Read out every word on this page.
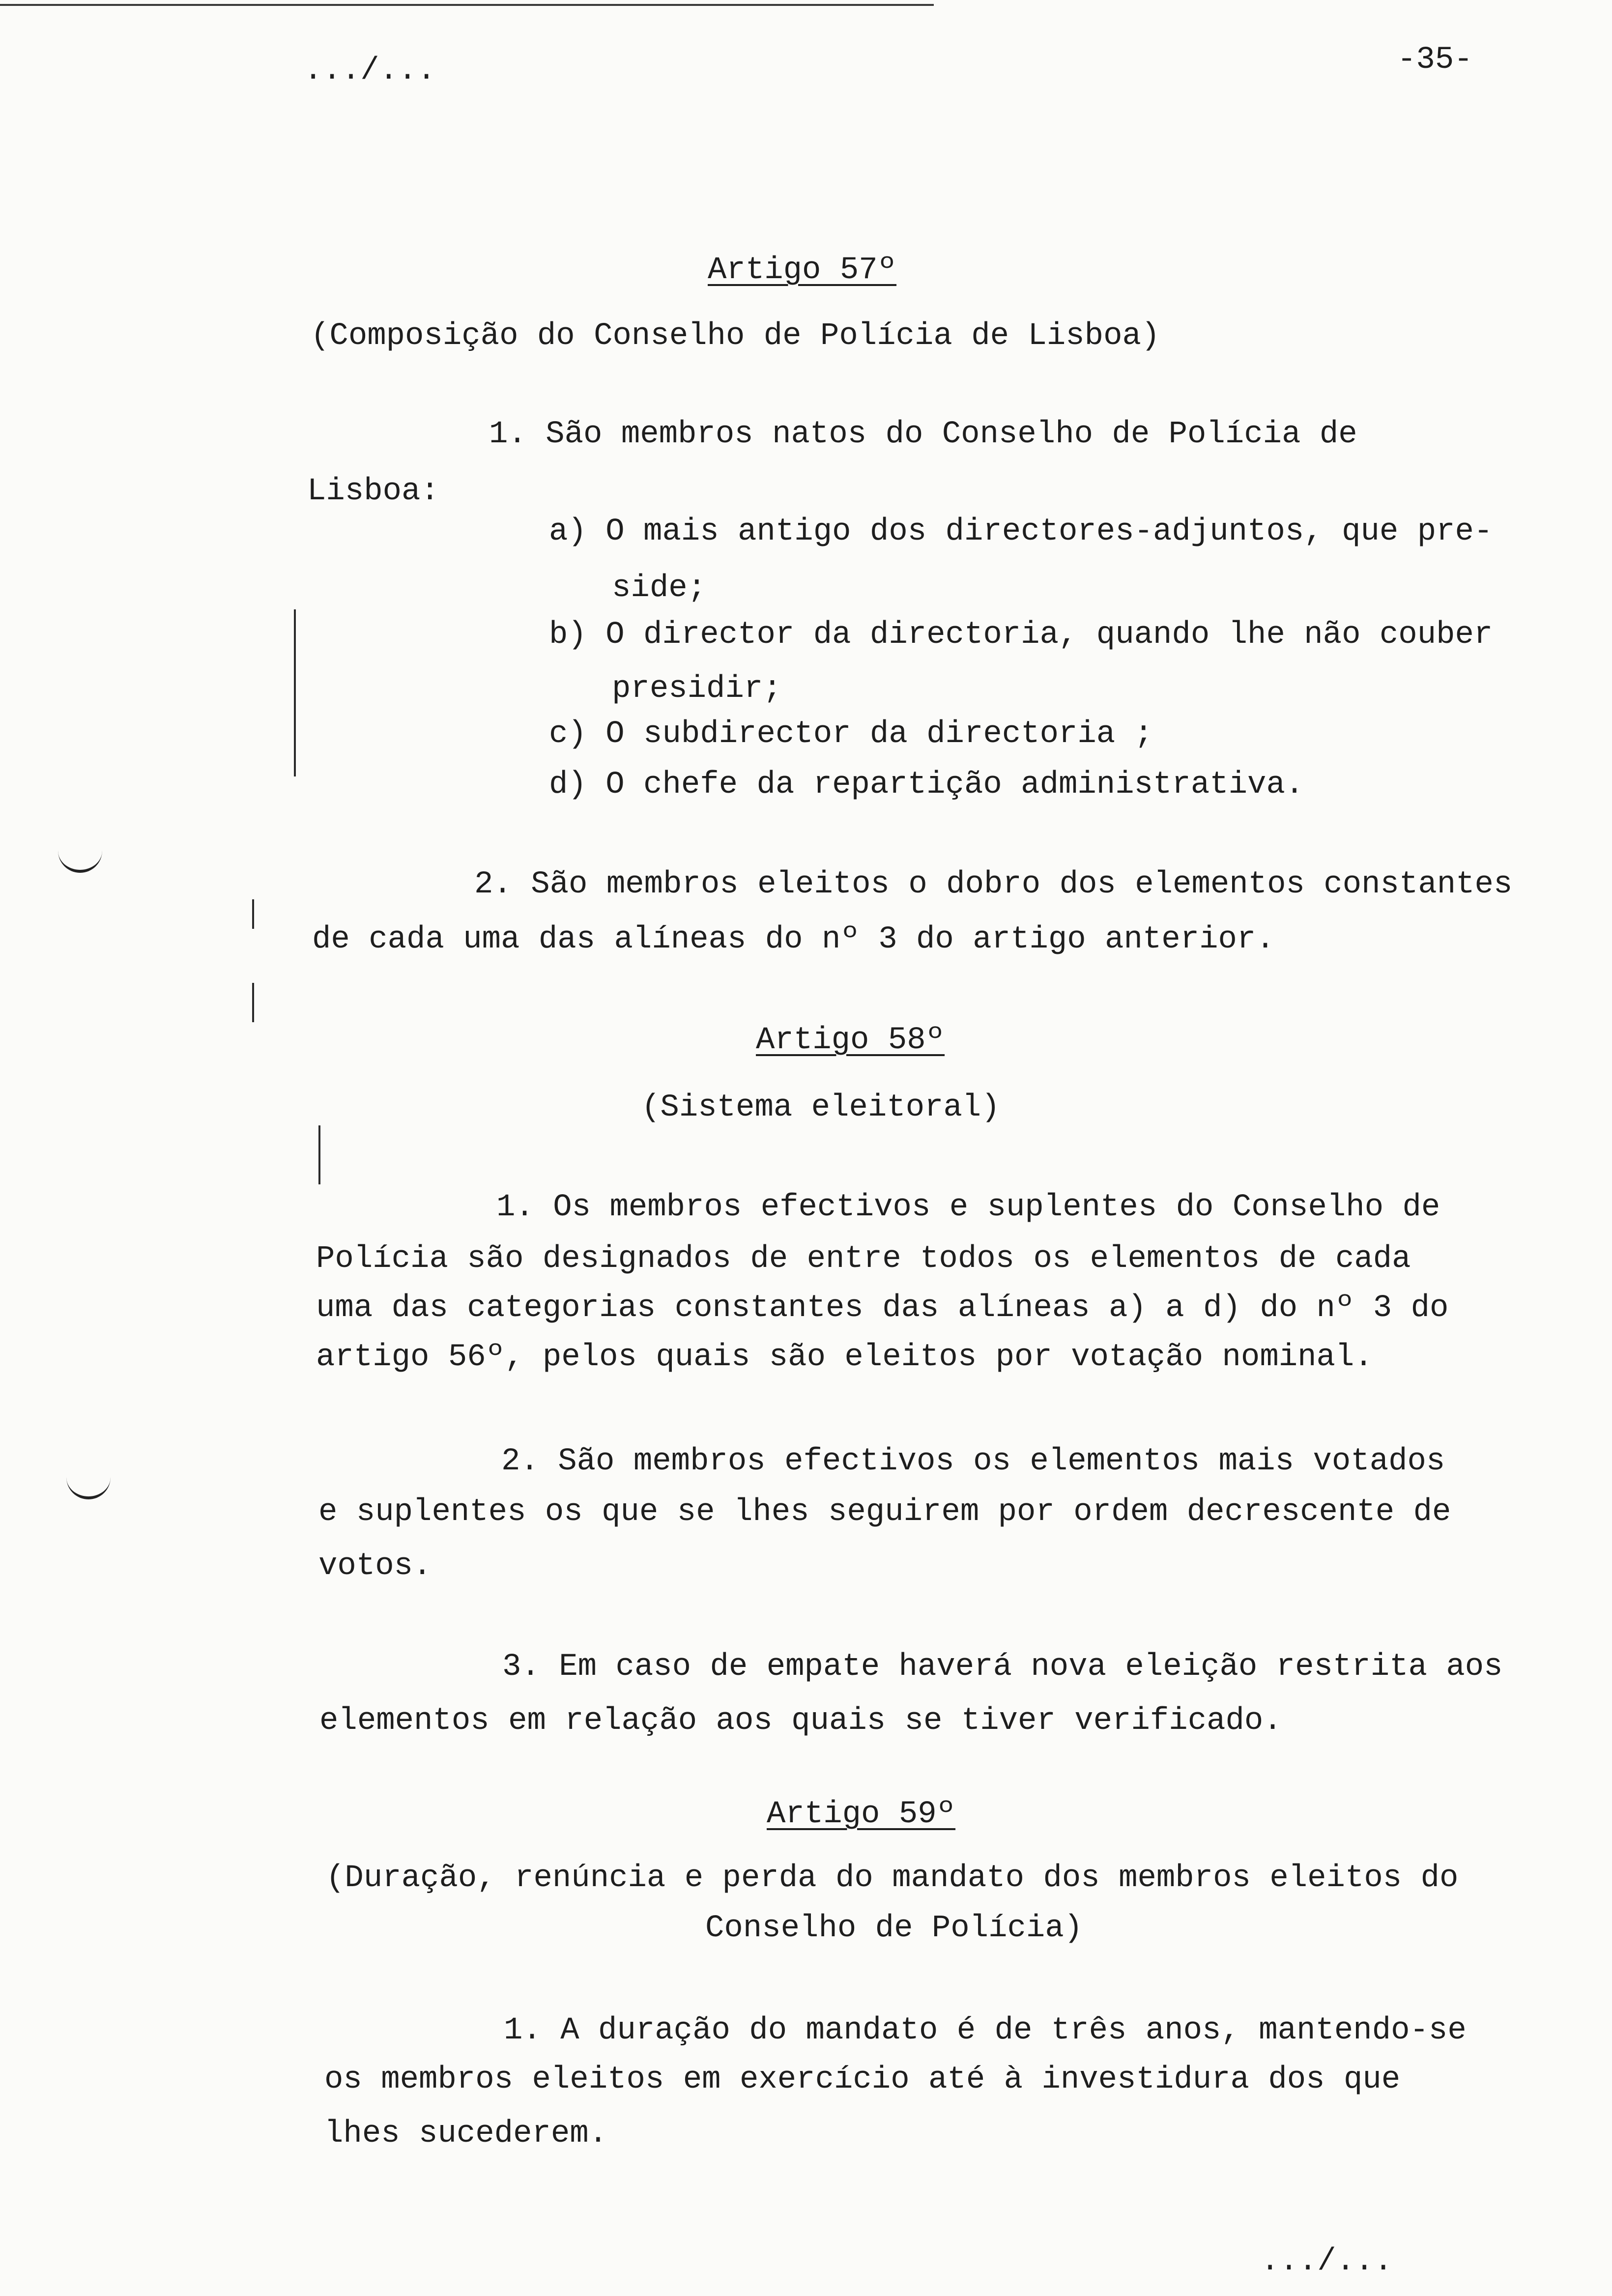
.../...	-35-
Artigo 57º
(Composição do Conselho de Polícia de Lisboa)
1. São membros natos do Conselho de Polícia de
Lisboa:
a) O mais antigo dos directores-adjuntos, que pre-
side;
b) O director da directoria, quando lhe não couber
presidir;
c) O subdirector da directoria ;
d) O chefe da repartição administrativa.
2. São membros eleitos o dobro dos elementos constantes
de cada uma das alíneas do nº 3 do artigo anterior.
Artigo 58º
(Sistema eleitoral)
1. Os membros efectivos e suplentes do Conselho de
Polícia são designados de entre todos os elementos de cada
uma das categorias constantes das alíneas a) a d) do nº 3 do
artigo 56º, pelos quais são eleitos por votação nominal.
2. São membros efectivos os elementos mais votados
e suplentes os que se lhes seguirem por ordem decrescente de
votos.
3. Em caso de empate haverá nova eleição restrita aos
elementos em relação aos quais se tiver verificado.
Artigo 59º
(Duração, renúncia e perda do mandato dos membros eleitos do
Conselho de Polícia)
1. A duração do mandato é de três anos, mantendo-se
os membros eleitos em exercício até à investidura dos que
lhes sucederem.
.../...
